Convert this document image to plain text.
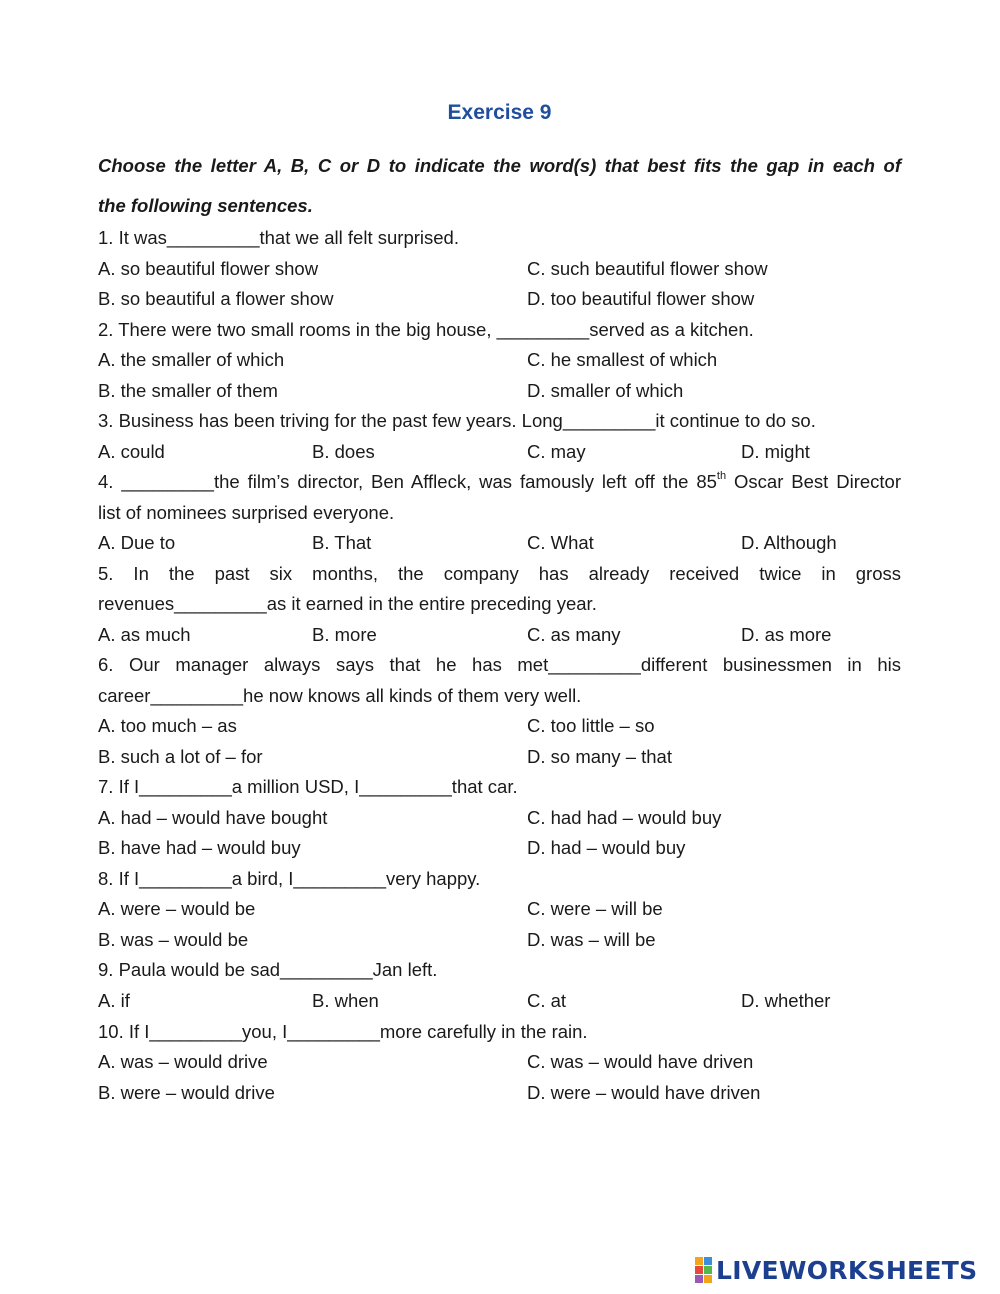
Exercise 9
Choose the letter A, B, C or D to indicate the word(s) that best fits the gap in each of
the following sentences.
1. It was_________that we all felt surprised.
A. so beautiful flower show	C. such beautiful flower show
B. so beautiful a flower show	D. too beautiful flower show
2. There were two small rooms in the big house, _________served as a kitchen.
A. the smaller of which	C. he smallest of which
B. the smaller of them	D. smaller of which
3. Business has been triving for the past few years. Long_________it continue to do so.
A. could	B. does	C. may	D. might
4. _________the film’s director, Ben Affleck, was famously left off the 85th Oscar Best Director
list of nominees surprised everyone.
A. Due to	B. That	C. What	D. Although
5. In the past six months, the company has already received twice in gross
revenues_________as it earned in the entire preceding year.
A. as much	B. more	C. as many	D. as more
6. Our manager always says that he has met_________different businessmen in his
career_________he now knows all kinds of them very well.
A. too much – as	C. too little – so
B. such a lot of – for	D. so many – that
7. If I_________a million USD, I_________that car.
A. had – would have bought	C. had had – would buy
B. have had – would buy	D. had – would buy
8. If I_________a bird, I_________very happy.
A. were – would be	C. were – will be
B. was – would be	D. was – will be
9. Paula would be sad_________Jan left.
A. if	B. when	C. at	D. whether
10. If I_________you, I_________more carefully in the rain.
A. was – would drive	C. was – would have driven
B. were – would drive	D. were – would have driven
LIVEWORKSHEETS
